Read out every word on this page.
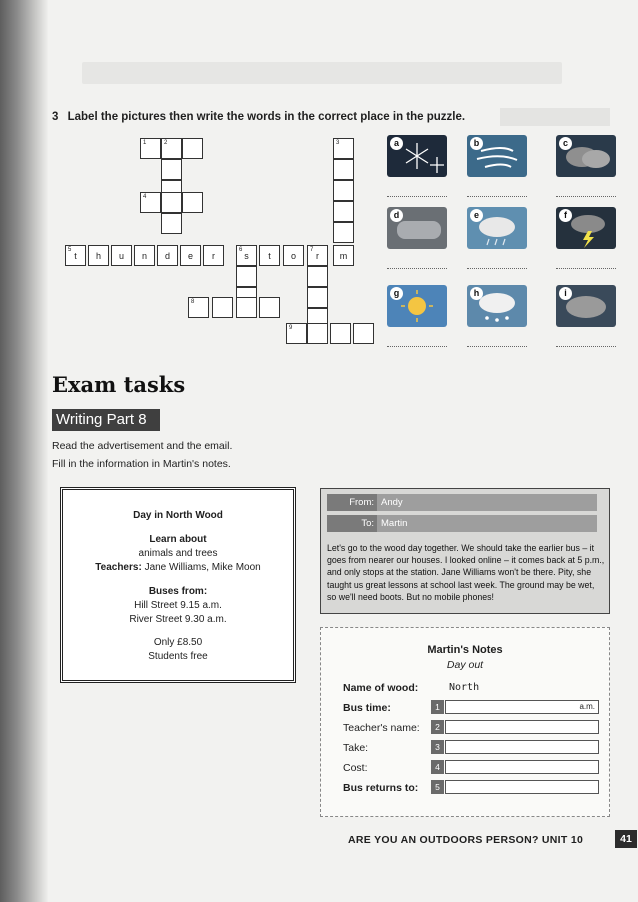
3 Label the pictures then write the words in the correct place in the puzzle.
1	2
4
3
5
t	h	u	n	d	e	r
6
s	t	o
7
r	m
8
9
a	b	c
d	e	f
g	h	i
Exam tasks
Writing Part 8
Read the advertisement and the email.
Fill in the information in Martin's notes.
Day in North Wood
Learn about
animals and trees
Teachers: Jane Williams, Mike Moon
Buses from:
Hill Street 9.15 a.m.
River Street 9.30 a.m.
Only £8.50
Students free
From: Andy
To: Martin
Let's go to the wood day together. We should take the earlier bus – it goes from nearer our houses. I looked online – it comes back at 5 p.m., and only stops at the station. Jane Williams won't be there. Pity, she taught us great lessons at school last week. The ground may be wet, so we'll need boots. But no mobile phones!
Martin's Notes
Day out
Name of wood:	North
Bus time:	1	a.m.
Teacher's name:	2
Take:	3
Cost:	4
Bus returns to:	5
ARE YOU AN OUTDOORS PERSON? UNIT 10	41
